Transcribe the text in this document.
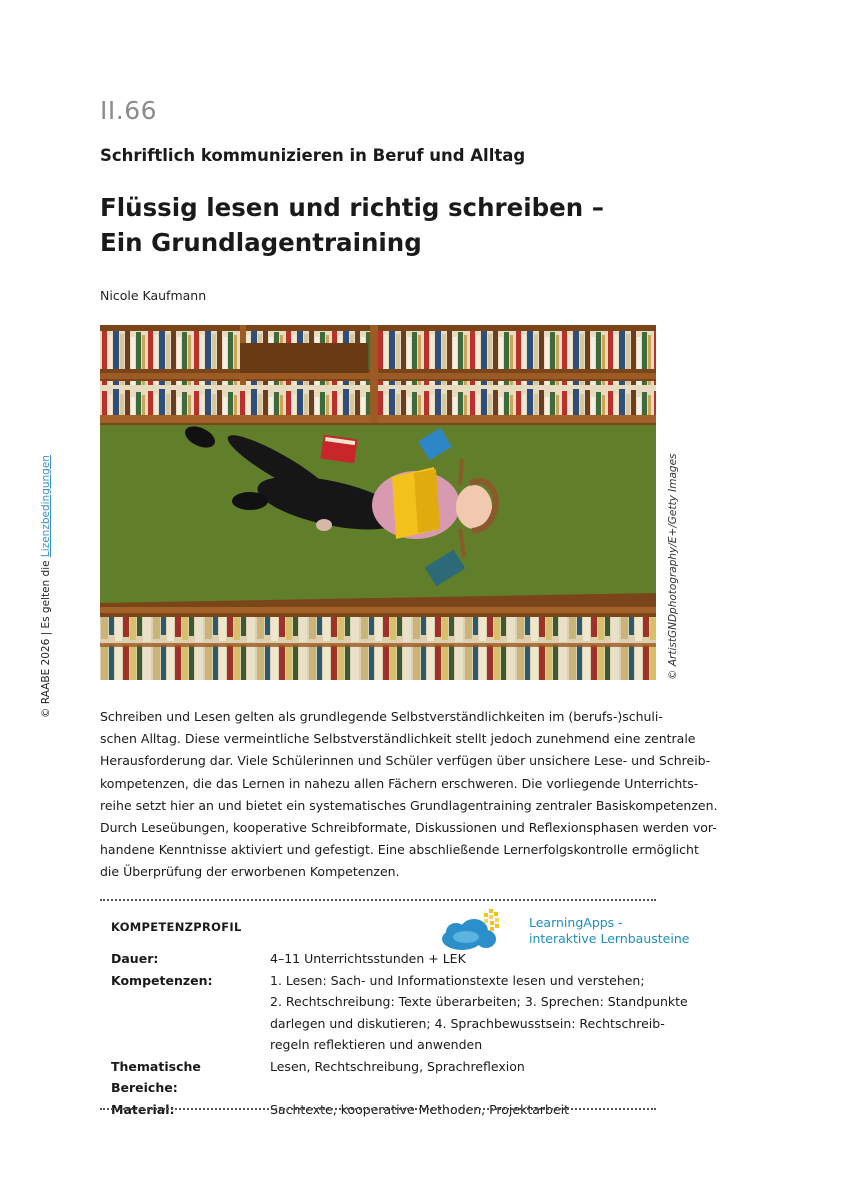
II.66
Schriftlich kommunizieren in Beruf und Alltag
Flüssig lesen und richtig schreiben –
Ein Grundlagentraining
Nicole Kaufmann
© RAABE 2026 | Es gelten die Lizenzbedingungen	© ArtistGNDphotography/E+/Getty Images
Schreiben und Lesen gelten als grundlegende Selbstverständlichkeiten im (berufs-)schuli-
schen Alltag. Diese vermeintliche Selbstverständlichkeit stellt jedoch zunehmend eine zentrale
Herausforderung dar. Viele Schülerinnen und Schüler verfügen über unsichere Lese- und Schreib-
kompetenzen, die das Lernen in nahezu allen Fächern erschweren. Die vorliegende Unterrichts-
reihe setzt hier an und bietet ein systematisches Grundlagentraining zentraler Basiskompetenzen.
Durch Leseübungen, kooperative Schreibformate, Diskussionen und Reflexionsphasen werden vor-
handene Kenntnisse aktiviert und gefestigt. Eine abschließende Lernerfolgskontrolle ermöglicht
die Überprüfung der erworbenen Kompetenzen.
KOMPETENZPROFIL	LearningApps -
interaktive Lernbausteine
Dauer:	4–11 Unterrichtsstunden + LEK
Kompetenzen:	1. Lesen: Sach- und Informationstexte lesen und verstehen;
2. Rechtschreibung: Texte überarbeiten; 3. Sprechen: Standpunkte
darlegen und diskutieren; 4. Sprachbewusstsein: Rechtschreib-
regeln reflektieren und anwenden
Thematische Bereiche:
Lesen, Rechtschreibung, Sprachreflexion
Material:	Sachtexte, kooperative Methoden, Projektarbeit
